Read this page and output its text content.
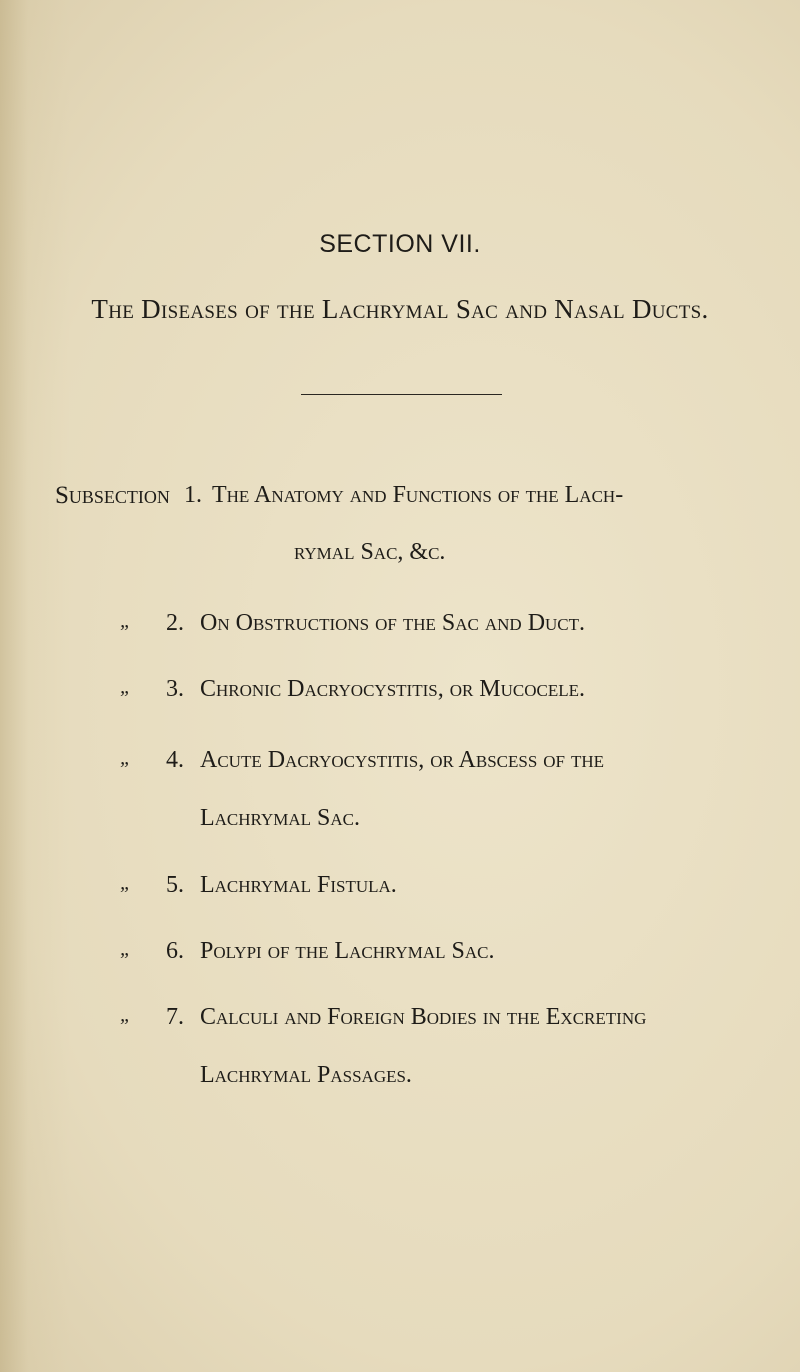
SECTION VII.
The Diseases of the Lachrymal Sac and Nasal Ducts.
Subsection 1. The Anatomy and Functions of the Lach-
rymal Sac, &c.
„ 2. On Obstructions of the Sac and Duct.
„ 3. Chronic Dacryocystitis, or Mucocele.
„ 4. Acute Dacryocystitis, or Abscess of the
Lachrymal Sac.
„ 5. Lachrymal Fistula.
„ 6. Polypi of the Lachrymal Sac.
„ 7. Calculi and Foreign Bodies in the Excreting
Lachrymal Passages.
